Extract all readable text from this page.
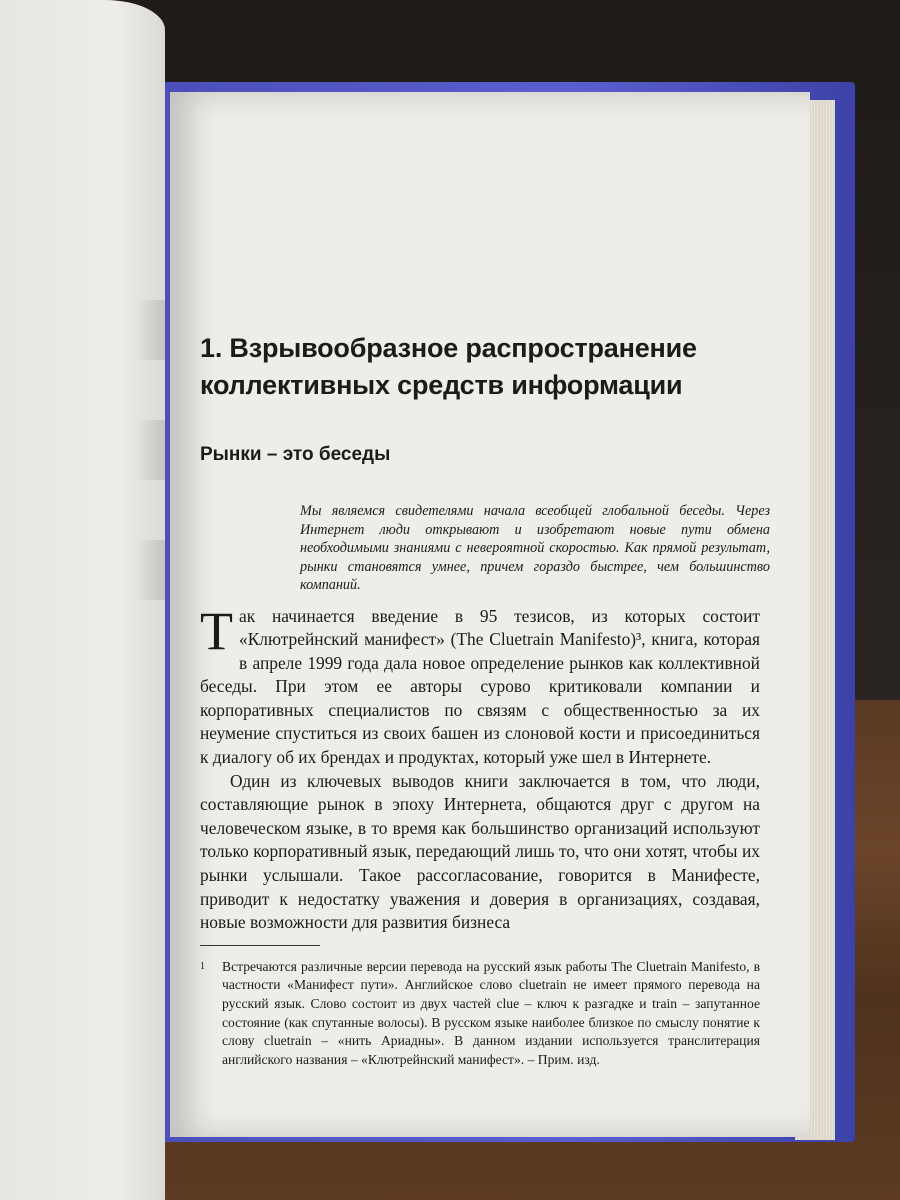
1. Взрывообразное распространение
коллективных средств информации
Рынки – это беседы
Мы являемся свидетелями начала всеобщей глобальной беседы. Через Интернет люди открывают и изобретают новые пути обмена необходимыми знаниями с невероятной скоростью. Как прямой результат, рынки становятся умнее, причем гораздо быстрее, чем большинство компаний.

Так начинается введение в 95 тезисов, из которых состоит «Клютрейнский манифест» (The Cluetrain Manifesto)³, книга, которая в апреле 1999 года дала новое определение рынков как коллективной беседы. При этом ее авторы сурово критиковали компании и корпоративных специалистов по связям с общественностью за их неумение спуститься из своих башен из слоновой кости и присоединиться к диалогу об их брендах и продуктах, который уже шел в Интернете.

Один из ключевых выводов книги заключается в том, что люди, составляющие рынок в эпоху Интернета, общаются друг с другом на человеческом языке, в то время как большинство организаций используют только корпоративный язык, передающий лишь то, что они хотят, чтобы их рынки услышали. Такое рассогласование, говорится в Манифесте, приводит к недостатку уважения и доверия в организациях, создавая, новые возможности для развития бизнеса

1 Встречаются различные версии перевода на русский язык работы The Cluetrain Manifesto, в частности «Манифест пути». Английское слово cluetrain не имеет прямого перевода на русский язык. Слово состоит из двух частей clue – ключ к разгадке и train – запутанное состояние (как спутанные волосы). В русском языке наиболее близкое по смыслу понятие к слову cluetrain – «нить Ариадны». В данном издании используется транслитерация английского названия – «Клютрейнский манифест». – Прим. изд.
